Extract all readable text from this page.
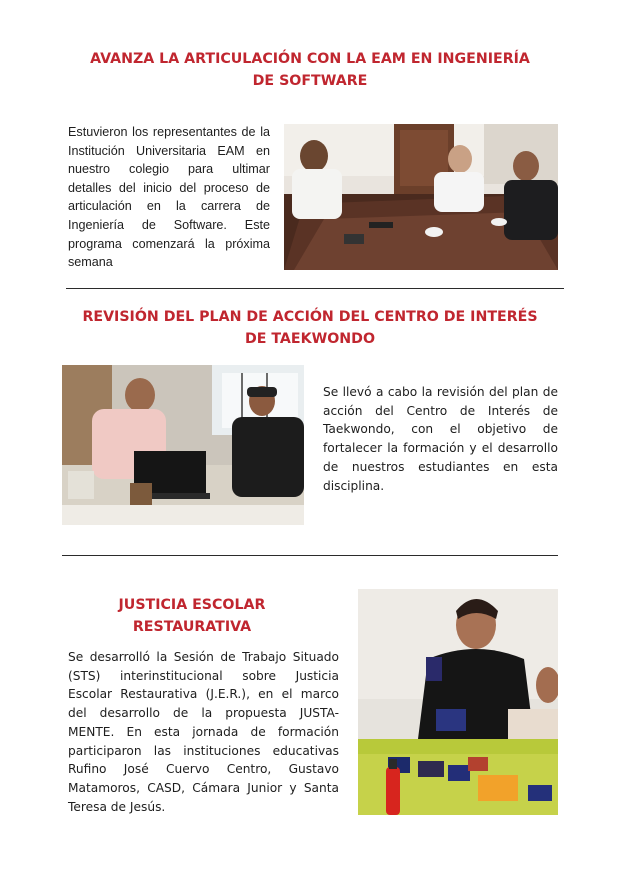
AVANZA LA ARTICULACIÓN CON LA EAM EN INGENIERÍA
DE SOFTWARE
Estuvieron los representantes de la Institución Universitaria EAM en nuestro colegio para ultimar detalles del inicio del proceso de articulación en la carrera de Ingeniería de Software. Este programa comenzará la próxima semana
REVISIÓN DEL PLAN DE ACCIÓN DEL CENTRO DE INTERÉS
DE TAEKWONDO
Se llevó a cabo la revisión del plan de acción del Centro de Interés de Taekwondo, con el objetivo de fortalecer la formación y el desarrollo de nuestros estudiantes en esta disciplina.
JUSTICIA ESCOLAR
RESTAURATIVA
Se desarrolló la Sesión de Trabajo Situado (STS) interinstitucional sobre Justicia Escolar Restaurativa (J.E.R.), en el marco del desarrollo de la propuesta JUSTA-MENTE. En esta jornada de formación participaron las instituciones educativas Rufino José Cuervo Centro, Gustavo Matamoros, CASD, Cámara Junior y Santa Teresa de Jesús.
